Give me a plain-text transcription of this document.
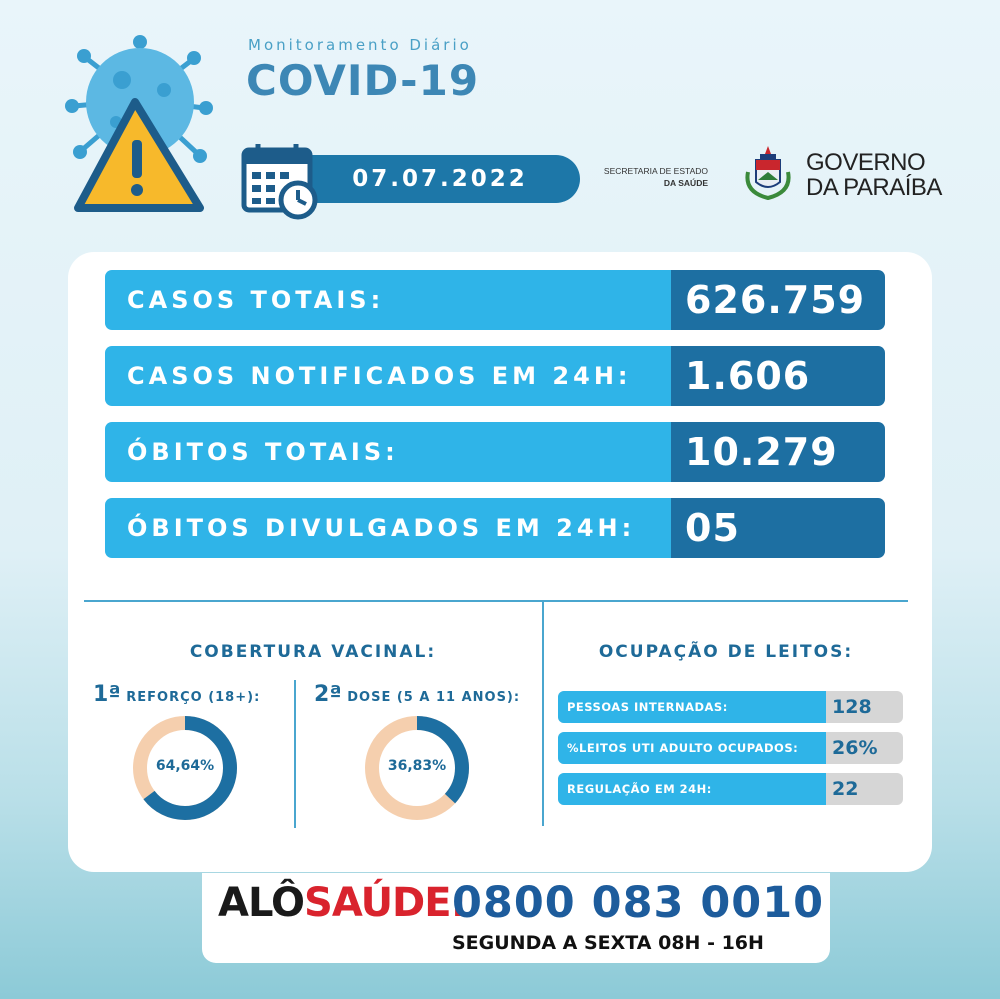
Monitoramento Diário
COVID-19
07.07.2022	SECRETARIA DE ESTADO
DA SAÚDE
GOVERNO
DA PARAÍBA
CASOS TOTAIS:	626.759
CASOS NOTIFICADOS EM 24H:	1.606
ÓBITOS TOTAIS:	10.279
ÓBITOS DIVULGADOS EM 24H:	05
COBERTURA VACINAL:
1ª REFORÇO (18+): 2ª DOSE (5 A 11 ANOS):
64,64%	36,83%
OCUPAÇÃO DE LEITOS:
PESSOAS INTERNADAS:	128
%LEITOS UTI ADULTO OCUPADOS:	26%
REGULAÇÃO EM 24H:	22
ALÔSAÚDE:
0800 083 0010
SEGUNDA A SEXTA 08H - 16H
